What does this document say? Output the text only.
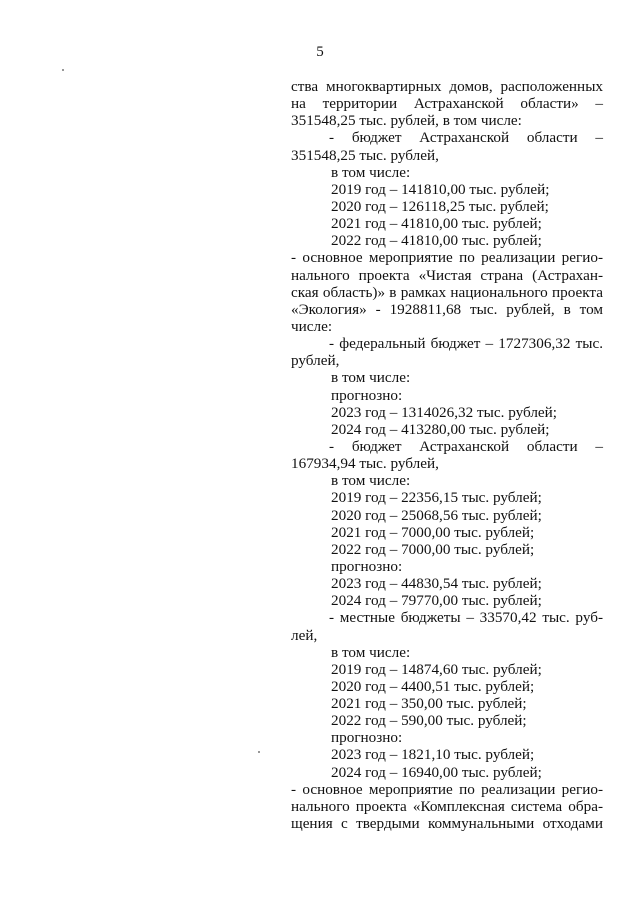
5
ства многоквартирных домов, расположенных
на территории Астраханской области» –
351548,25 тыс. рублей, в том числе:
- бюджет Астраханской области –
351548,25 тыс. рублей,
в том числе:
2019 год – 141810,00 тыс. рублей;
2020 год – 126118,25 тыс. рублей;
2021 год – 41810,00 тыс. рублей;
2022 год – 41810,00 тыс. рублей;
- основное мероприятие по реализации регио-
нального проекта «Чистая страна (Астрахан-
ская область)» в рамках национального проекта
«Экология» - 1928811,68 тыс. рублей, в том
числе:
- федеральный бюджет – 1727306,32 тыс.
рублей,
в том числе:
прогнозно:
2023 год – 1314026,32 тыс. рублей;
2024 год – 413280,00 тыс. рублей;
- бюджет Астраханской области –
167934,94 тыс. рублей,
в том числе:
2019 год – 22356,15 тыс. рублей;
2020 год – 25068,56 тыс. рублей;
2021 год – 7000,00 тыс. рублей;
2022 год – 7000,00 тыс. рублей;
прогнозно:
2023 год – 44830,54 тыс. рублей;
2024 год – 79770,00 тыс. рублей;
- местные бюджеты – 33570,42 тыс. руб-
лей,
в том числе:
2019 год – 14874,60 тыс. рублей;
2020 год – 4400,51 тыс. рублей;
2021 год – 350,00 тыс. рублей;
2022 год – 590,00 тыс. рублей;
прогнозно:
2023 год – 1821,10 тыс. рублей;
2024 год – 16940,00 тыс. рублей;
- основное мероприятие по реализации регио-
нального проекта «Комплексная система обра-
щения с твердыми коммунальными отходами
